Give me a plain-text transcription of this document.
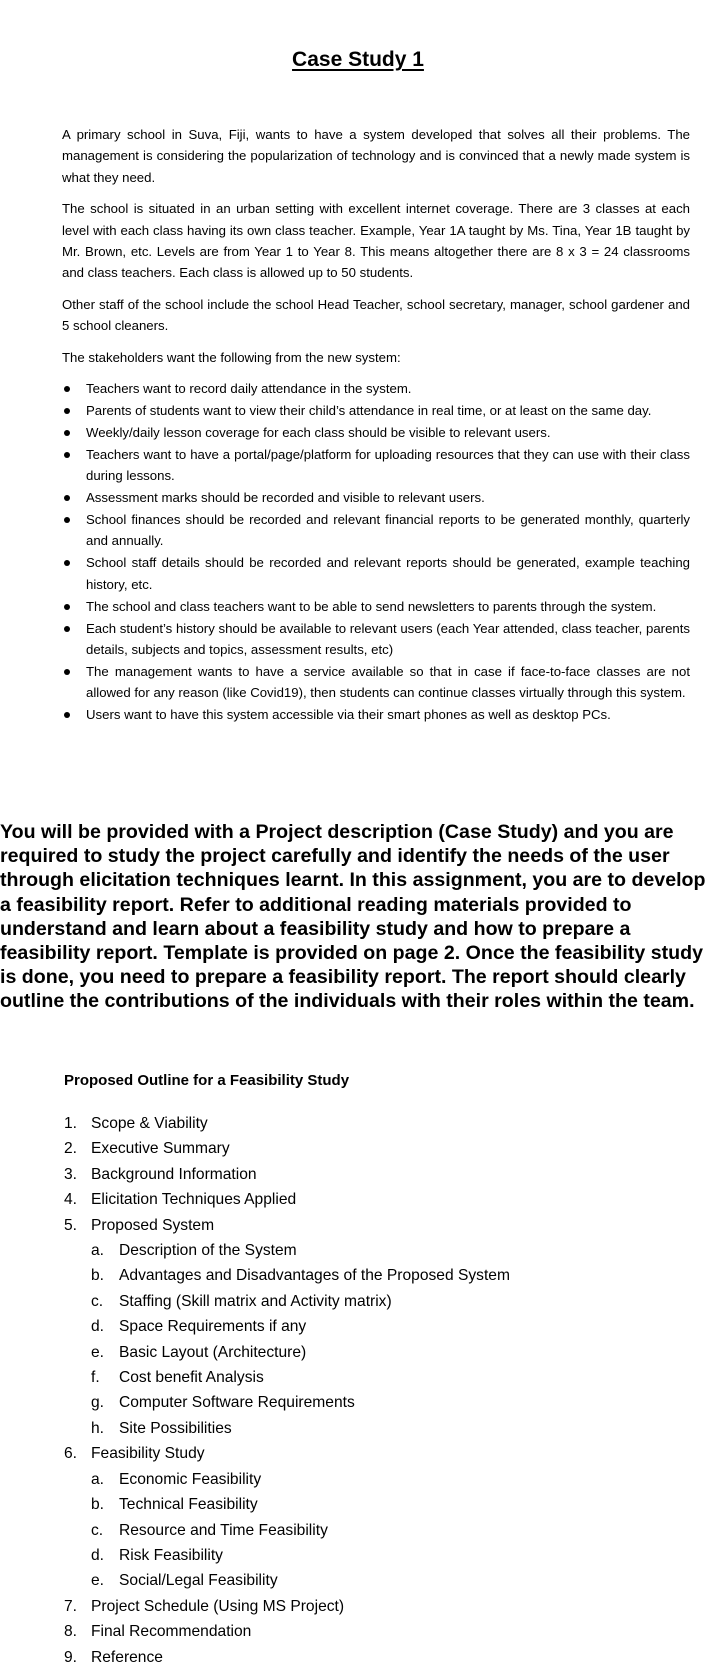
Case Study 1

A primary school in Suva, Fiji, wants to have a system developed that solves all their problems. The management is considering the popularization of technology and is convinced that a newly made system is what they need.

The school is situated in an urban setting with excellent internet coverage. There are 3 classes at each level with each class having its own class teacher. Example, Year 1A taught by Ms. Tina, Year 1B taught by Mr. Brown, etc. Levels are from Year 1 to Year 8. This means altogether there are 8 x 3 = 24 classrooms and class teachers. Each class is allowed up to 50 students.

Other staff of the school include the school Head Teacher, school secretary, manager, school gardener and 5 school cleaners.

The stakeholders want the following from the new system:

Teachers want to record daily attendance in the system.
Parents of students want to view their child’s attendance in real time, or at least on the same day.
Weekly/daily lesson coverage for each class should be visible to relevant users.
Teachers want to have a portal/page/platform for uploading resources that they can use with their class during lessons.
Assessment marks should be recorded and visible to relevant users.
School finances should be recorded and relevant financial reports to be generated monthly, quarterly and annually.
School staff details should be recorded and relevant reports should be generated, example teaching history, etc.
The school and class teachers want to be able to send newsletters to parents through the system.
Each student’s history should be available to relevant users (each Year attended, class teacher, parents details, subjects and topics, assessment results, etc)
The management wants to have a service available so that in case if face-to-face classes are not allowed for any reason (like Covid19), then students can continue classes virtually through this system.
Users want to have this system accessible via their smart phones as well as desktop PCs.
You will be provided with a Project description (Case Study) and you are required to study the project carefully and identify the needs of the user through elicitation techniques learnt. In this assignment, you are to develop a feasibility report. Refer to additional reading materials provided to understand and learn about a feasibility study and how to prepare a feasibility report. Template is provided on page 2. Once the feasibility study is done, you need to prepare a feasibility report. The report should clearly outline the contributions of the individuals with their roles within the team.
Proposed Outline for a Feasibility Study
1. Scope & Viability
2. Executive Summary
3. Background Information
4. Elicitation Techniques Applied
5. Proposed System
a. Description of the System
b. Advantages and Disadvantages of the Proposed System
c. Staffing (Skill matrix and Activity matrix)
d. Space Requirements if any
e. Basic Layout (Architecture)
f. Cost benefit Analysis
g. Computer Software Requirements
h. Site Possibilities
6. Feasibility Study
a. Economic Feasibility
b. Technical Feasibility
c. Resource and Time Feasibility
d. Risk Feasibility
e. Social/Legal Feasibility
7. Project Schedule (Using MS Project)
8. Final Recommendation
9. Reference
